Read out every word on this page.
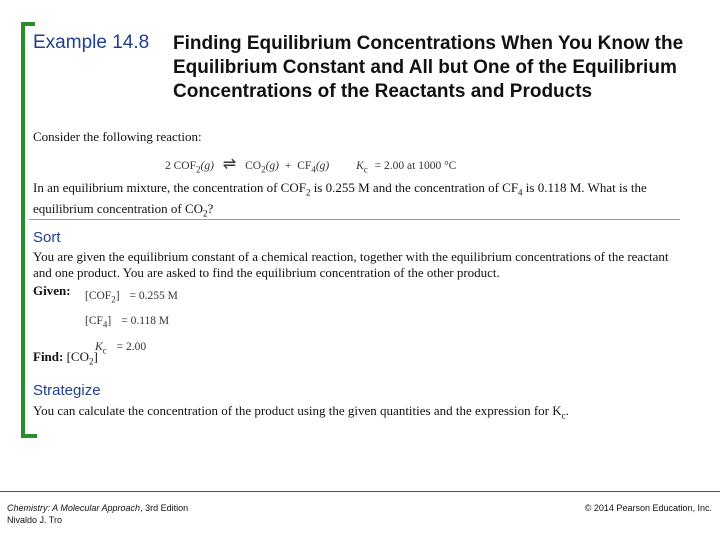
Example 14.8 Finding Equilibrium Concentrations When You Know the Equilibrium Constant and All but One of the Equilibrium Concentrations of the Reactants and Products
Consider the following reaction:
2 $COF_2(g)$ ⇌ $CO_2(g) + CF_4(g) K_c = 2.00$ at 1000 °C
In an equilibrium mixture, the concentration of $COF_2$ is 0.255 M and the concentration of $CF_4$ is 0.118 M. What is the equilibrium concentration of $CO_2$?
Sort
You are given the equilibrium constant of a chemical reaction, together with the equilibrium concentrations of the reactant and one product. You are asked to find the equilibrium concentration of the other product.
Given: $[COF_2] = 0.255$ M
$[CF_4] = 0.118$ M
$K_c = 2.00$
Find: $[CO_2]$
Strategize
You can calculate the concentration of the product using the given quantities and the expression for $K_c$.
Chemistry: A Molecular Approach, 3rd Edition
Nivaldo J. Tro
© 2014 Pearson Education, Inc.
